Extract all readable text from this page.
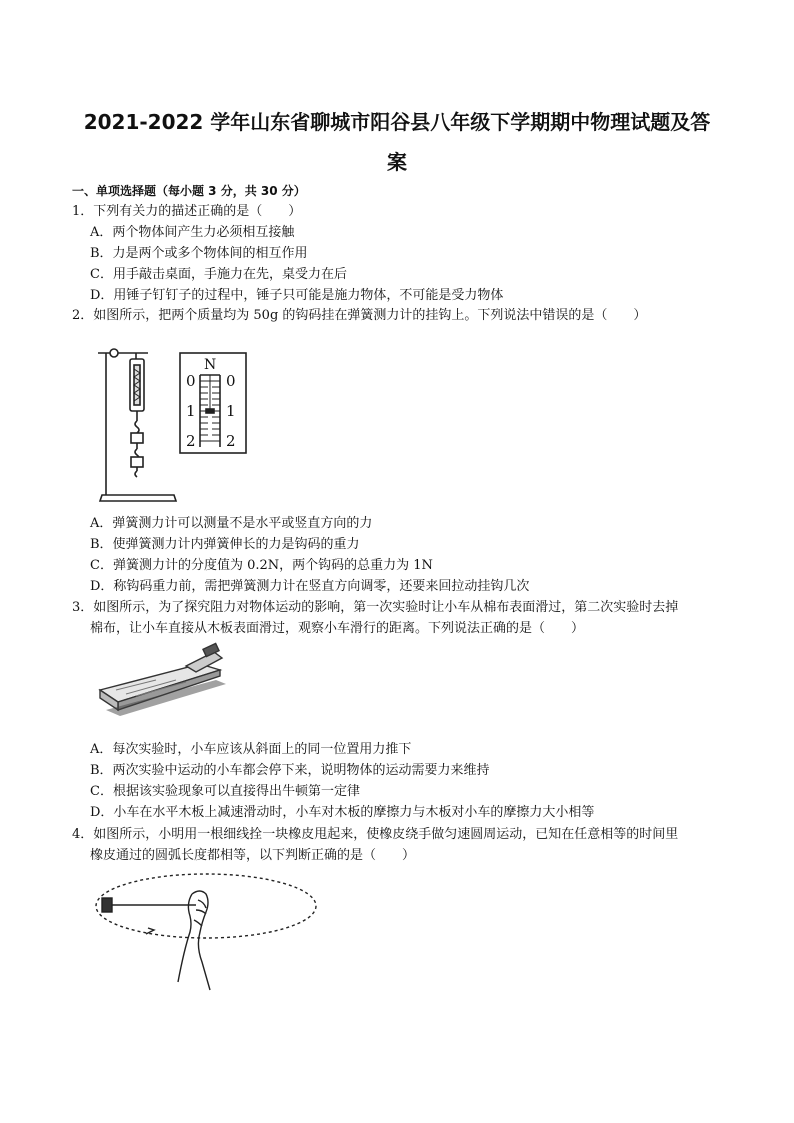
2021-2022 学年山东省聊城市阳谷县八年级下学期期中物理试题及答
案
一、单项选择题（每小题 3 分，共 30 分）
1．下列有关力的描述正确的是（　　）
A．两个物体间产生力必须相互接触
B．力是两个或多个物体间的相互作用
C．用手敲击桌面，手施力在先，桌受力在后
D．用锤子钉钉子的过程中，锤子只可能是施力物体，不可能是受力物体
2．如图所示，把两个质量均为 50g 的钩码挂在弹簧测力计的挂钩上。下列说法中错误的是（　　）
N
0
1
2
0
1
2
A．弹簧测力计可以测量不是水平或竖直方向的力
B．使弹簧测力计内弹簧伸长的力是钩码的重力
C．弹簧测力计的分度值为 0.2N，两个钩码的总重力为 1N
D．称钩码重力前，需把弹簧测力计在竖直方向调零，还要来回拉动挂钩几次
3．如图所示，为了探究阻力对物体运动的影响，第一次实验时让小车从棉布表面滑过，第二次实验时去掉
棉布，让小车直接从木板表面滑过，观察小车滑行的距离。下列说法正确的是（　　）
A．每次实验时，小车应该从斜面上的同一位置用力推下
B．两次实验中运动的小车都会停下来，说明物体的运动需要力来维持
C．根据该实验现象可以直接得出牛顿第一定律
D．小车在水平木板上减速滑动时，小车对木板的摩擦力与木板对小车的摩擦力大小相等
4．如图所示，小明用一根细线拴一块橡皮甩起来，使橡皮绕手做匀速圆周运动，已知在任意相等的时间里
橡皮通过的圆弧长度都相等，以下判断正确的是（　　）
